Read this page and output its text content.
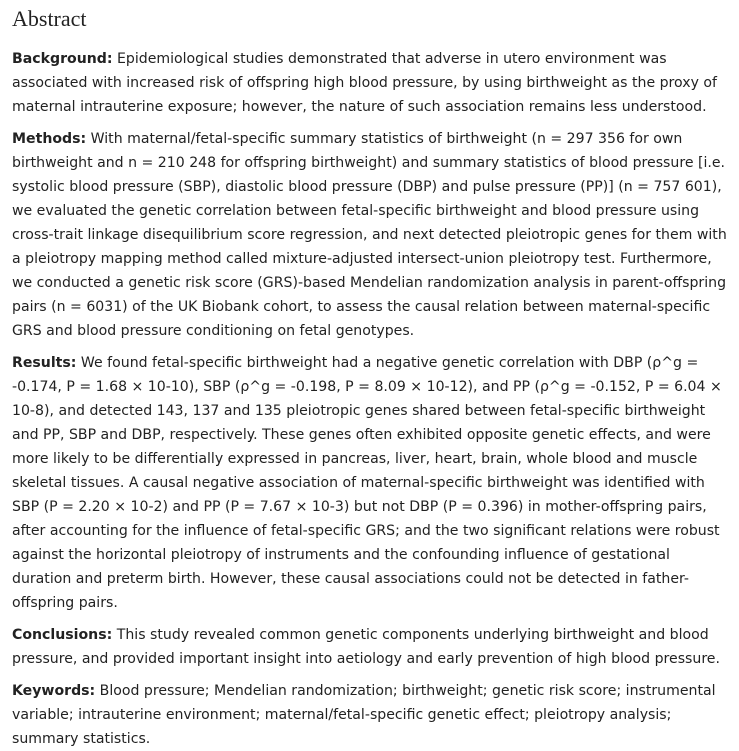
Abstract

Background: Epidemiological studies demonstrated that adverse in utero environment was associated with increased risk of offspring high blood pressure, by using birthweight as the proxy of maternal intrauterine exposure; however, the nature of such association remains less understood.

Methods: With maternal/fetal-specific summary statistics of birthweight (n = 297 356 for own birthweight and n = 210 248 for offspring birthweight) and summary statistics of blood pressure [i.e. systolic blood pressure (SBP), diastolic blood pressure (DBP) and pulse pressure (PP)] (n = 757 601), we evaluated the genetic correlation between fetal-specific birthweight and blood pressure using cross-trait linkage disequilibrium score regression, and next detected pleiotropic genes for them with a pleiotropy mapping method called mixture-adjusted intersect-union pleiotropy test. Furthermore, we conducted a genetic risk score (GRS)-based Mendelian randomization analysis in parent-offspring pairs (n = 6031) of the UK Biobank cohort, to assess the causal relation between maternal-specific GRS and blood pressure conditioning on fetal genotypes.

Results: We found fetal-specific birthweight had a negative genetic correlation with DBP (ρ^g = -0.174, P = 1.68 × 10-10), SBP (ρ^g = -0.198, P = 8.09 × 10-12), and PP (ρ^g = -0.152, P = 6.04 × 10-8), and detected 143, 137 and 135 pleiotropic genes shared between fetal-specific birthweight and PP, SBP and DBP, respectively. These genes often exhibited opposite genetic effects, and were more likely to be differentially expressed in pancreas, liver, heart, brain, whole blood and muscle skeletal tissues. A causal negative association of maternal-specific birthweight was identified with SBP (P = 2.20 × 10-2) and PP (P = 7.67 × 10-3) but not DBP (P = 0.396) in mother-offspring pairs, after accounting for the influence of fetal-specific GRS; and the two significant relations were robust against the horizontal pleiotropy of instruments and the confounding influence of gestational duration and preterm birth. However, these causal associations could not be detected in father-offspring pairs.

Conclusions: This study revealed common genetic components underlying birthweight and blood pressure, and provided important insight into aetiology and early prevention of high blood pressure.

Keywords: Blood pressure; Mendelian randomization; birthweight; genetic risk score; instrumental variable; intrauterine environment; maternal/fetal-specific genetic effect; pleiotropy analysis; summary statistics.
